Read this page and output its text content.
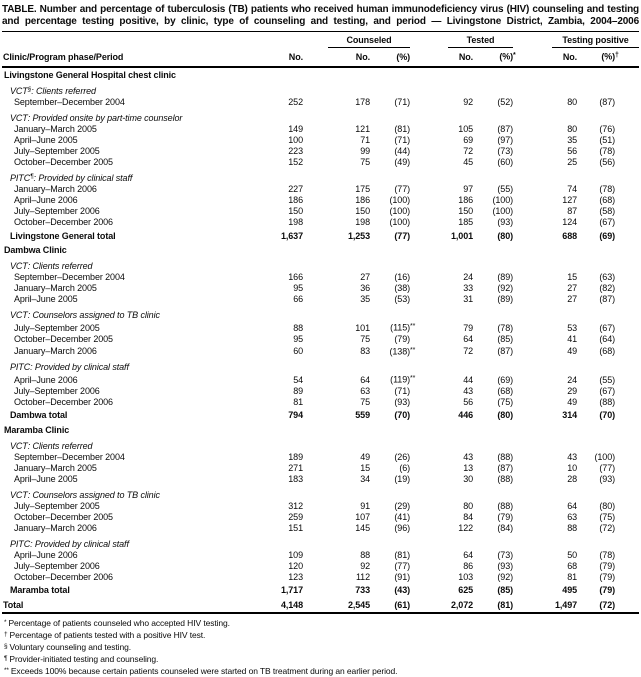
TABLE. Number and percentage of tuberculosis (TB) patients who received human immunodeficiency virus (HIV) counseling and testing and percentage testing positive, by clinic, type of counseling and testing, and period — Livingstone District, Zambia, 2004–2006

		Counseled		Tested		Testing positive	

Clinic/Program phase/Period	No.	No.	(%)	No.	(%)*	No.	(%)†
Livingstone General Hospital chest clinic							
VCT§: Clients referred							
September–December 2004	252	178	(71)	92	(52)	80	(87)
VCT: Provided onsite by part-time counselor							
January–March 2005	149	121	(81)	105	(87)	80	(76)
April–June 2005	100	71	(71)	69	(97)	35	(51)
July–September 2005	223	99	(44)	72	(73)	56	(78)
October–December 2005	152	75	(49)	45	(60)	25	(56)
PITC¶: Provided by clinical staff							
January–March 2006	227	175	(77)	97	(55)	74	(78)
April–June 2006	186	186	(100)	186	(100)	127	(68)
July–September 2006	150	150	(100)	150	(100)	87	(58)
October–December 2006	198	198	(100)	185	(93)	124	(67)
Livingstone General total	1,637	1,253	(77)	1,001	(80)	688	(69)
Dambwa Clinic							
VCT: Clients referred							
September–December 2004	166	27	(16)	24	(89)	15	(63)
January–March 2005	95	36	(38)	33	(92)	27	(82)
April–June 2005	66	35	(53)	31	(89)	27	(87)
VCT: Counselors assigned to TB clinic							
July–September 2005	88	101	(115)**	79	(78)	53	(67)
October–December 2005	95	75	(79)	64	(85)	41	(64)
January–March 2006	60	83	(138)**	72	(87)	49	(68)
PITC: Provided by clinical staff							
April–June 2006	54	64	(119)**	44	(69)	24	(55)
July–September 2006	89	63	(71)	43	(68)	29	(67)
October–December 2006	81	75	(93)	56	(75)	49	(88)
Dambwa total	794	559	(70)	446	(80)	314	(70)
Maramba Clinic							
VCT: Clients referred							
September–December 2004	189	49	(26)	43	(88)	43	(100)
January–March 2005	271	15	(6)	13	(87)	10	(77)
April–June 2005	183	34	(19)	30	(88)	28	(93)
VCT: Counselors assigned to TB clinic							
July–September 2005	312	91	(29)	80	(88)	64	(80)
October–December 2005	259	107	(41)	84	(79)	63	(75)
January–March 2006	151	145	(96)	122	(84)	88	(72)
PITC: Provided by clinical staff							
April–June 2006	109	88	(81)	64	(73)	50	(78)
July–September 2006	120	92	(77)	86	(93)	68	(79)
October–December 2006	123	112	(91)	103	(92)	81	(79)
Maramba total	1,717	733	(43)	625	(85)	495	(79)
Total	4,148	2,545	(61)	2,072	(81)	1,497	(72)
* Percentage of patients counseled who accepted HIV testing.
† Percentage of patients tested with a positive HIV test.
§ Voluntary counseling and testing.
¶ Provider-initiated testing and counseling.
** Exceeds 100% because certain patients counseled were started on TB treatment during an earlier period.
